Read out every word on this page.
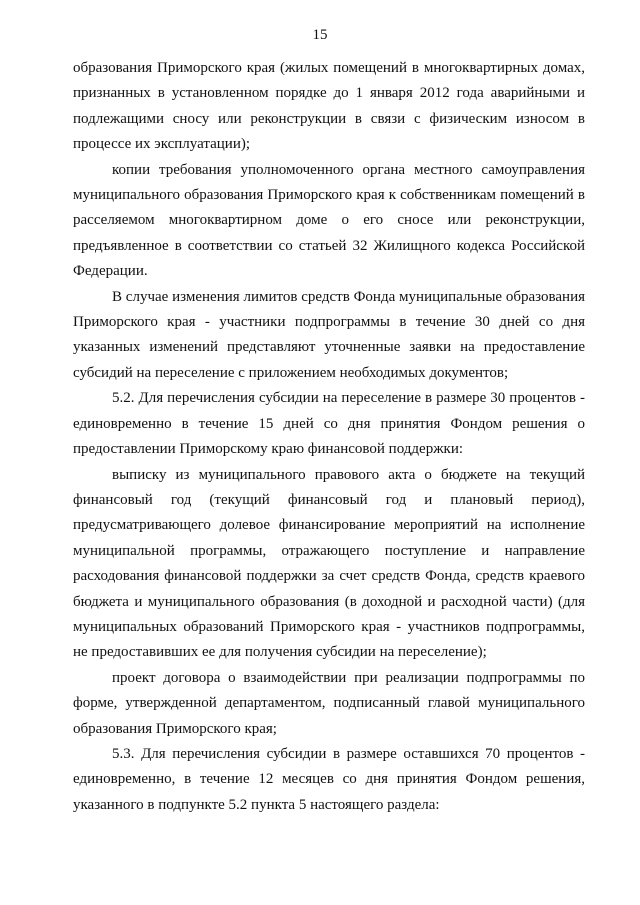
15

образования Приморского края (жилых помещений в многоквартирных домах, признанных в установленном порядке до 1 января 2012 года аварийными и подлежащими сносу или реконструкции в связи с физическим износом в процессе их эксплуатации);

копии требования уполномоченного органа местного самоуправления муниципального образования Приморского края к собственникам помещений в расселяемом многоквартирном доме о его сносе или реконструкции, предъявленное в соответствии со статьей 32 Жилищного кодекса Российской Федерации.

В случае изменения лимитов средств Фонда муниципальные образования Приморского края - участники подпрограммы в течение 30 дней со дня указанных изменений представляют уточненные заявки на предоставление субсидий на переселение с приложением необходимых документов;

5.2. Для перечисления субсидии на переселение в размере 30 процентов - единовременно в течение 15 дней со дня принятия Фондом решения о предоставлении Приморскому краю финансовой поддержки:

выписку из муниципального правового акта о бюджете на текущий финансовый год (текущий финансовый год и плановый период), предусматривающего долевое финансирование мероприятий на исполнение муниципальной программы, отражающего поступление и направление расходования финансовой поддержки за счет средств Фонда, средств краевого бюджета и муниципального образования (в доходной и расходной части) (для муниципальных образований Приморского края - участников подпрограммы, не предоставивших ее для получения субсидии на переселение);

проект договора о взаимодействии при реализации подпрограммы по форме, утвержденной департаментом, подписанный главой муниципального образования Приморского края;

5.3. Для перечисления субсидии в размере оставшихся 70 процентов - единовременно, в течение 12 месяцев со дня принятия Фондом решения, указанного в подпункте 5.2 пункта 5 настоящего раздела:
